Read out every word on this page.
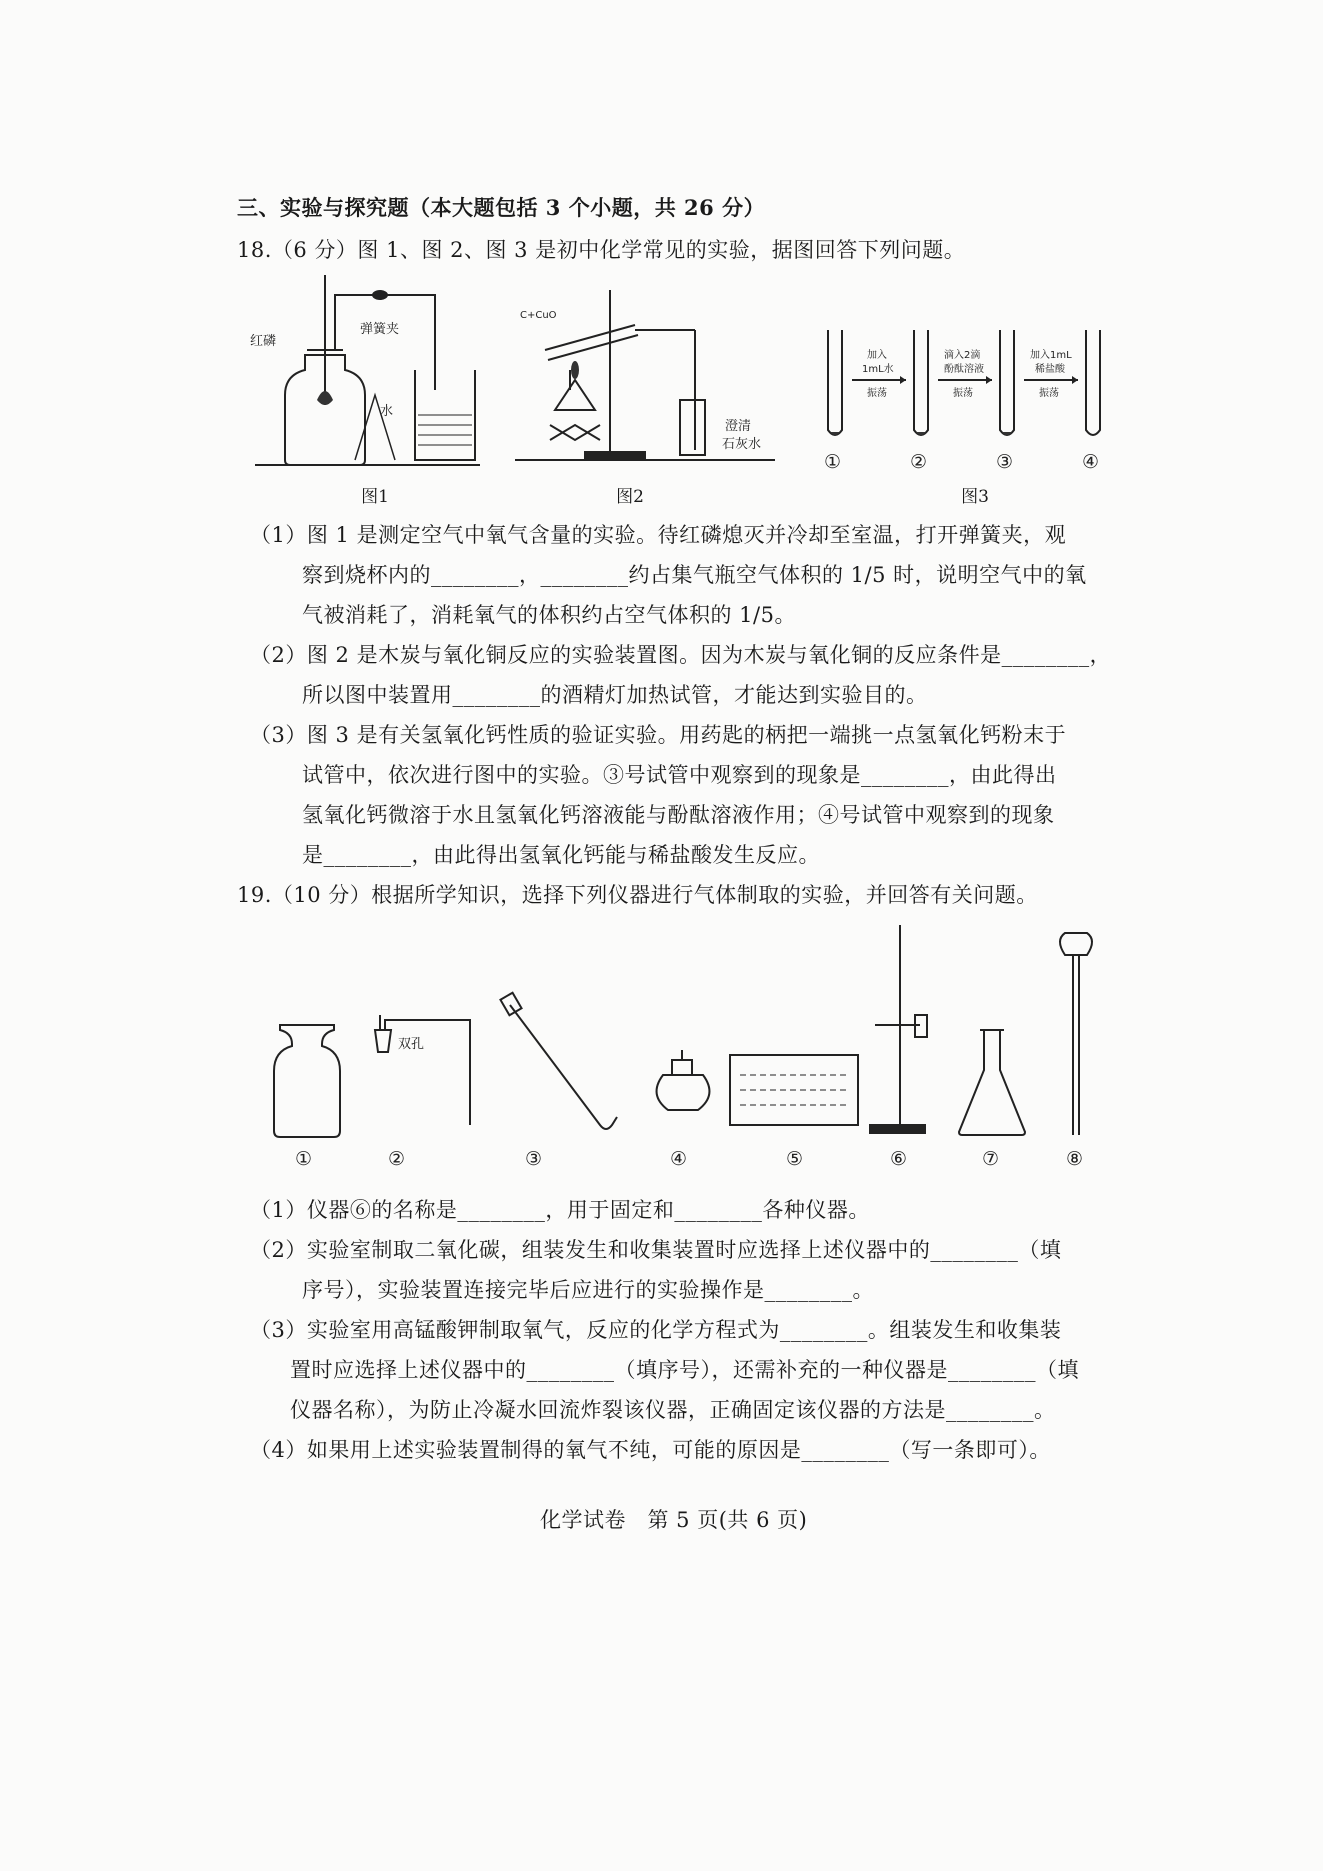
三、实验与探究题（本大题包括 3 个小题，共 26 分）
18.（6 分）图 1、图 2、图 3 是初中化学常见的实验，据图回答下列问题。
红磷
弹簧夹
水
图1
C+CuO
澄清
石灰水
图2
加入
1mL水
振荡
滴入2滴
酚酞溶液
振荡
加入1mL
稀盐酸
振荡
①	②	③	④
图3
（1）图 1 是测定空气中氧气含量的实验。待红磷熄灭并冷却至室温，打开弹簧夹，观
察到烧杯内的________，________约占集气瓶空气体积的 1/5 时，说明空气中的氧
气被消耗了，消耗氧气的体积约占空气体积的 1/5。
（2）图 2 是木炭与氧化铜反应的实验装置图。因为木炭与氧化铜的反应条件是________，
所以图中装置用________的酒精灯加热试管，才能达到实验目的。
（3）图 3 是有关氢氧化钙性质的验证实验。用药匙的柄把一端挑一点氢氧化钙粉末于
试管中，依次进行图中的实验。③号试管中观察到的现象是________，由此得出
氢氧化钙微溶于水且氢氧化钙溶液能与酚酞溶液作用；④号试管中观察到的现象
是________，由此得出氢氧化钙能与稀盐酸发生反应。
19.（10 分）根据所学知识，选择下列仪器进行气体制取的实验，并回答有关问题。
双孔
①	②	③	④	⑤	⑥	⑦	⑧
（1）仪器⑥的名称是________，用于固定和________各种仪器。
（2）实验室制取二氧化碳，组装发生和收集装置时应选择上述仪器中的________（填
序号），实验装置连接完毕后应进行的实验操作是________。
（3）实验室用高锰酸钾制取氧气，反应的化学方程式为________。组装发生和收集装
置时应选择上述仪器中的________（填序号），还需补充的一种仪器是________（填
仪器名称），为防止冷凝水回流炸裂该仪器，正确固定该仪器的方法是________。
（4）如果用上述实验装置制得的氧气不纯，可能的原因是________（写一条即可）。
化学试卷　第 5 页(共 6 页)
